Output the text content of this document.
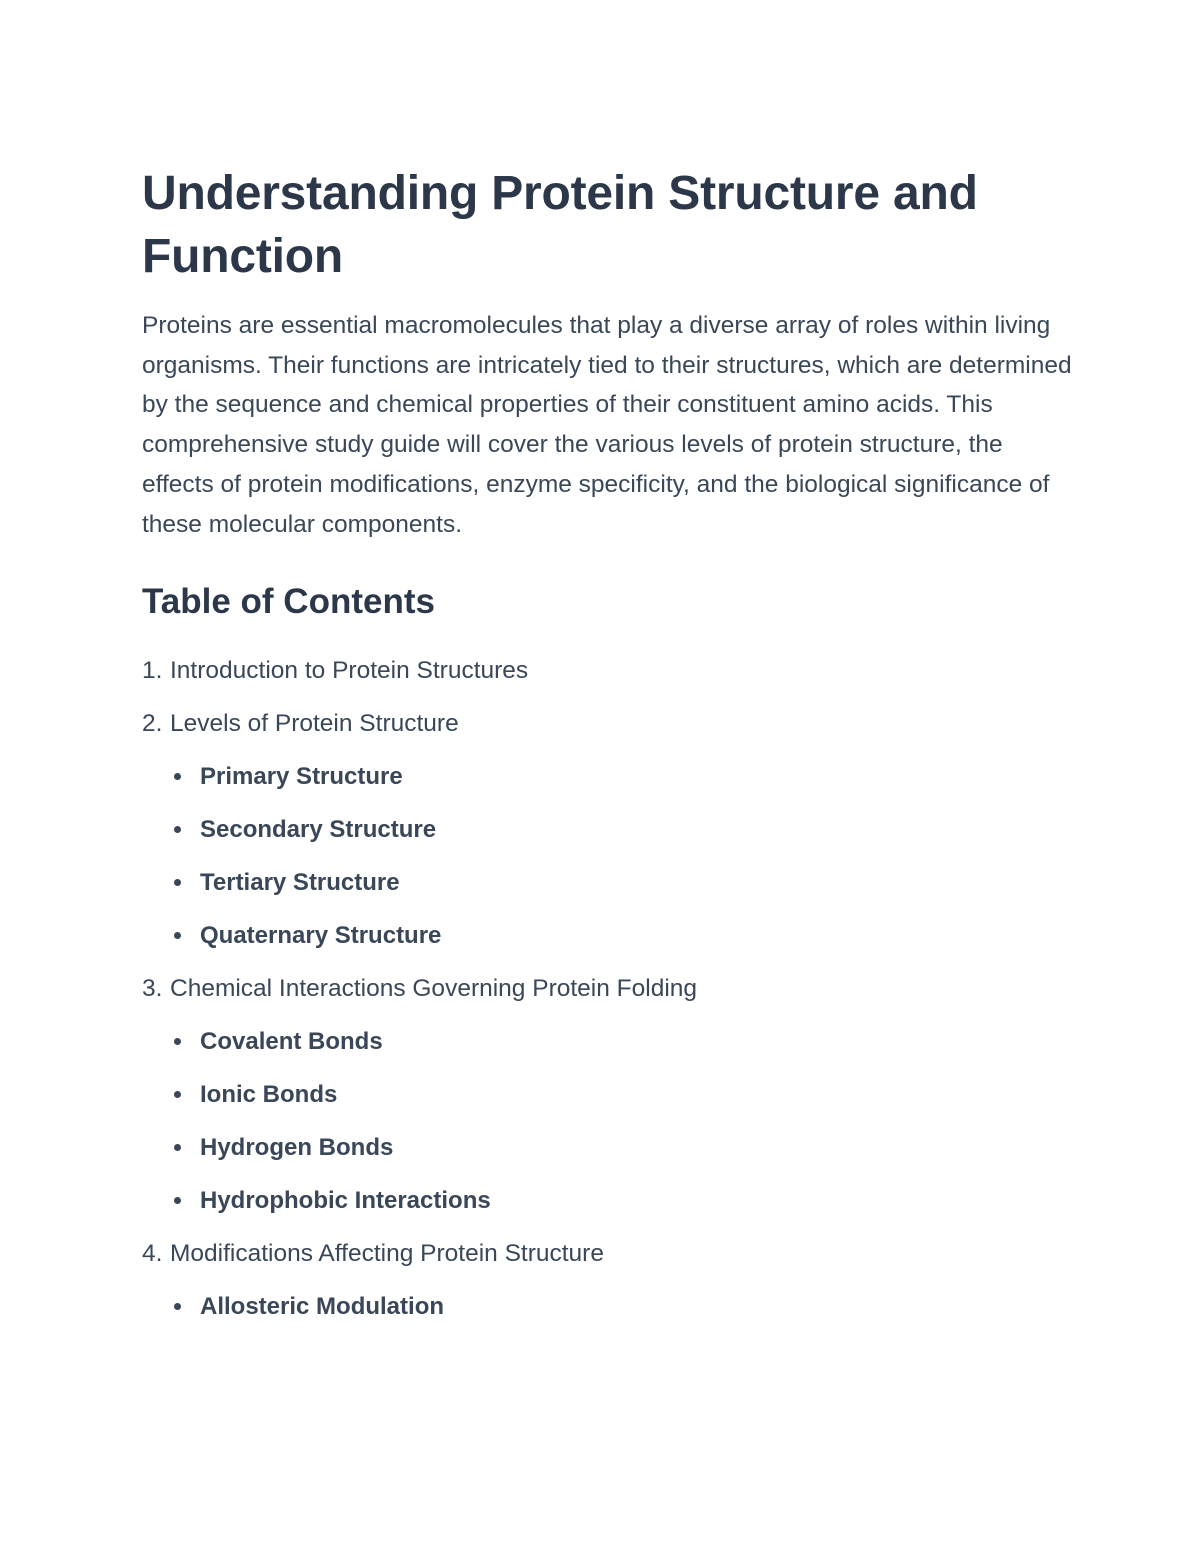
Understanding Protein Structure and Function

Proteins are essential macromolecules that play a diverse array of roles within living organisms. Their functions are intricately tied to their structures, which are determined by the sequence and chemical properties of their constituent amino acids. This comprehensive study guide will cover the various levels of protein structure, the effects of protein modifications, enzyme specificity, and the biological significance of these molecular components.

Table of Contents
1. Introduction to Protein Structures
2. Levels of Protein Structure
Primary Structure
Secondary Structure
Tertiary Structure
Quaternary Structure
3. Chemical Interactions Governing Protein Folding
Covalent Bonds
Ionic Bonds
Hydrogen Bonds
Hydrophobic Interactions
4. Modifications Affecting Protein Structure
Allosteric Modulation
